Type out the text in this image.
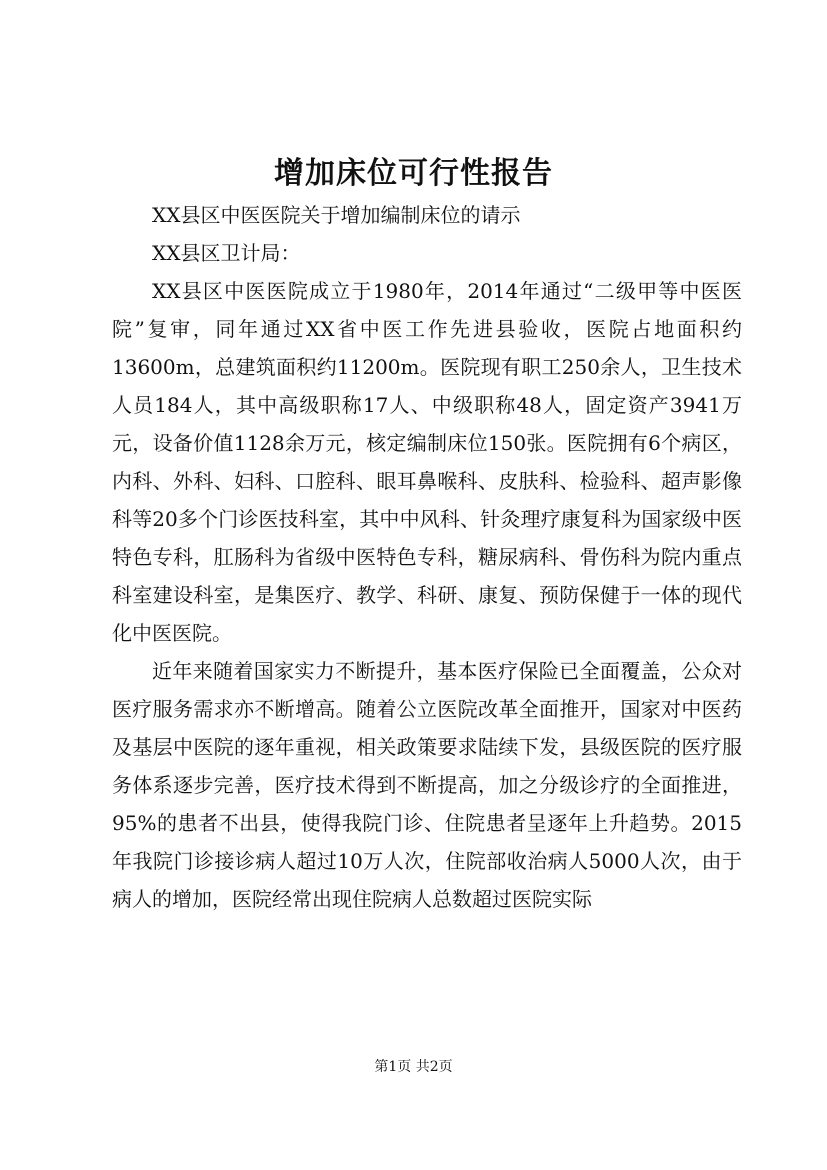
增加床位可行性报告

XX县区中医医院关于增加编制床位的请示

XX县区卫计局：

XX县区中医医院成立于1980年，2014年通过“二级甲等中医医院”复审，同年通过XX省中医工作先进县验收，医院占地面积约13600m，总建筑面积约11200m。医院现有职工250余人，卫生技术人员184人，其中高级职称17人、中级职称48人，固定资产3941万元，设备价值1128余万元，核定编制床位150张。医院拥有6个病区，内科、外科、妇科、口腔科、眼耳鼻喉科、皮肤科、检验科、超声影像科等20多个门诊医技科室，其中中风科、针灸理疗康复科为国家级中医特色专科，肛肠科为省级中医特色专科，糖尿病科、骨伤科为院内重点科室建设科室，是集医疗、教学、科研、康复、预防保健于一体的现代化中医医院。

近年来随着国家实力不断提升，基本医疗保险已全面覆盖，公众对医疗服务需求亦不断增高。随着公立医院改革全面推开，国家对中医药及基层中医院的逐年重视，相关政策要求陆续下发，县级医院的医疗服务体系逐步完善，医疗技术得到不断提高，加之分级诊疗的全面推进，95%的患者不出县，使得我院门诊、住院患者呈逐年上升趋势。2015年我院门诊接诊病人超过10万人次，住院部收治病人5000人次，由于病人的增加，医院经常出现住院病人总数超过医院实际

第1页 共2页
